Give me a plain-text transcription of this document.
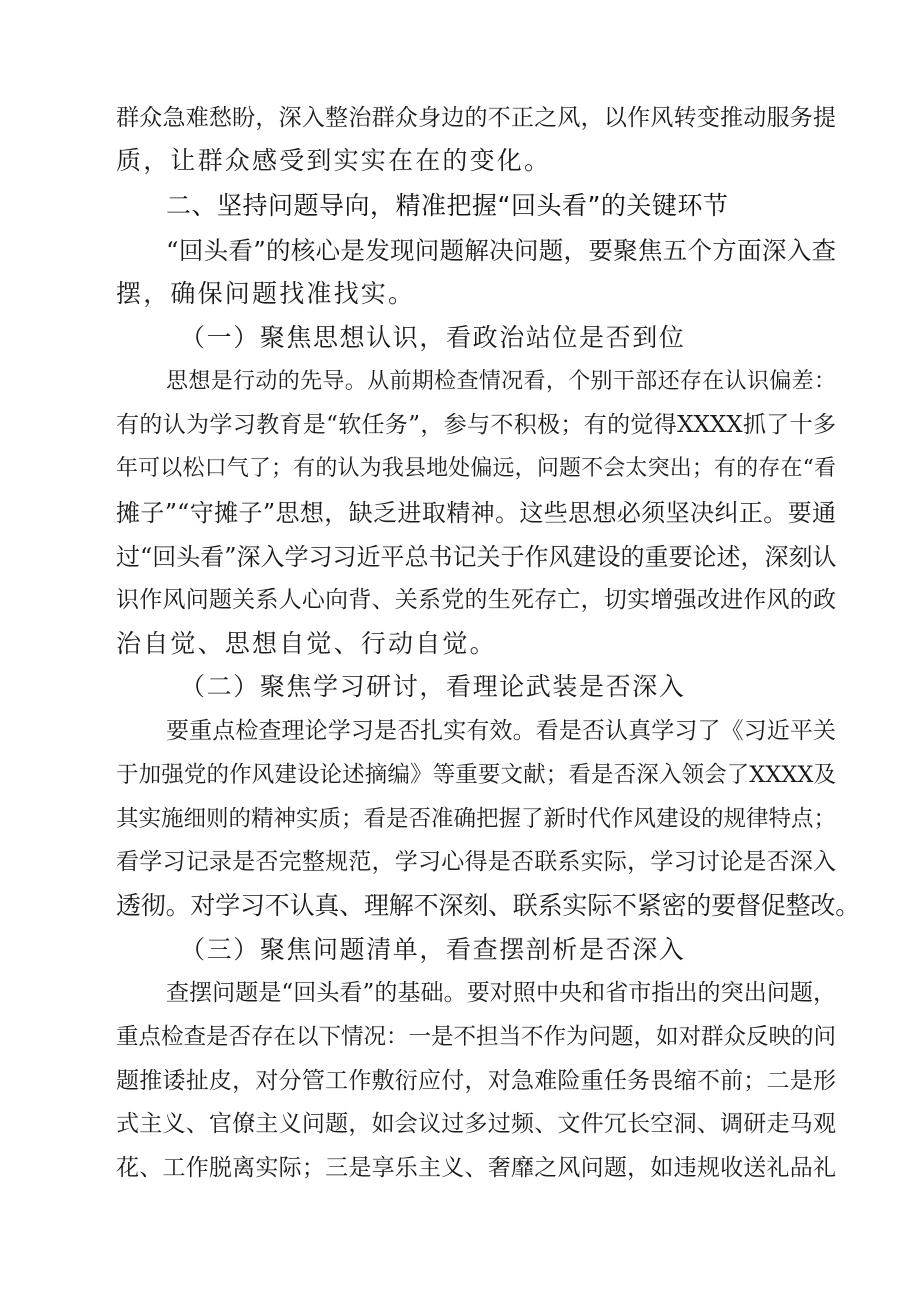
群众急难愁盼，深入整治群众身边的不正之风，以作风转变推动服务提
质，让群众感受到实实在在的变化。
二、坚持问题导向，精准把握“回头看”的关键环节
“回头看”的核心是发现问题解决问题，要聚焦五个方面深入查
摆，确保问题找准找实。
（一）聚焦思想认识，看政治站位是否到位
思想是行动的先导。从前期检查情况看，个别干部还存在认识偏差：
有的认为学习教育是“软任务”，参与不积极；有的觉得XXXX抓了十多
年可以松口气了；有的认为我县地处偏远，问题不会太突出；有的存在“看
摊子”“守摊子”思想，缺乏进取精神。这些思想必须坚决纠正。要通
过“回头看”深入学习习近平总书记关于作风建设的重要论述，深刻认
识作风问题关系人心向背、关系党的生死存亡，切实增强改进作风的政
治自觉、思想自觉、行动自觉。
（二）聚焦学习研讨，看理论武装是否深入
要重点检查理论学习是否扎实有效。看是否认真学习了《习近平关
于加强党的作风建设论述摘编》等重要文献；看是否深入领会了XXXX及
其实施细则的精神实质；看是否准确把握了新时代作风建设的规律特点；
看学习记录是否完整规范，学习心得是否联系实际，学习讨论是否深入
透彻。对学习不认真、理解不深刻、联系实际不紧密的要督促整改。
（三）聚焦问题清单，看查摆剖析是否深入
查摆问题是“回头看”的基础。要对照中央和省市指出的突出问题，
重点检查是否存在以下情况：一是不担当不作为问题，如对群众反映的问
题推诿扯皮，对分管工作敷衍应付，对急难险重任务畏缩不前；二是形
式主义、官僚主义问题，如会议过多过频、文件冗长空洞、调研走马观
花、工作脱离实际；三是享乐主义、奢靡之风问题，如违规收送礼品礼
